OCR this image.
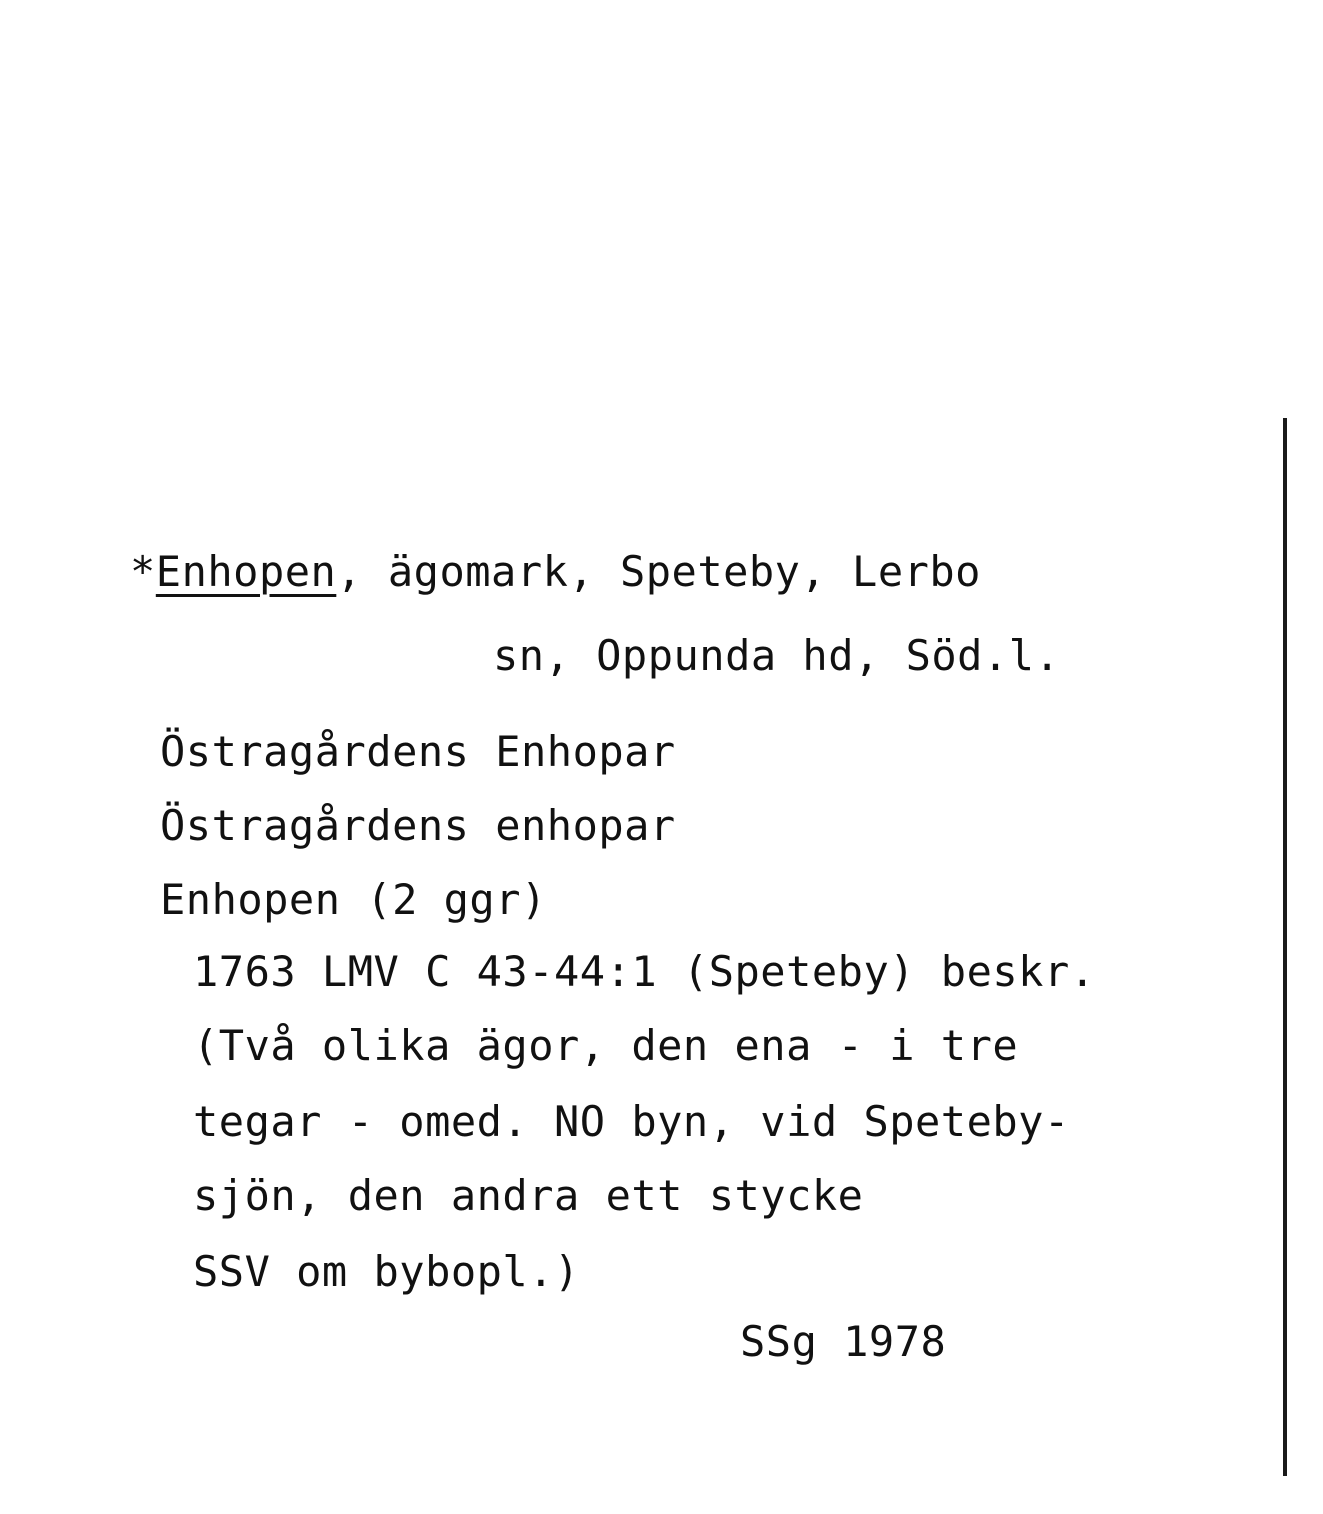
*Enhopen, ägomark, Speteby, Lerbo
sn, Oppunda hd, Söd.l.
Östragårdens Enhopar
Östragårdens enhopar
Enhopen (2 ggr)
1763 LMV C 43-44:1 (Speteby) beskr.
(Två olika ägor, den ena - i tre
tegar - omed. NO byn, vid Speteby-
sjön, den andra ett stycke
SSV om bybopl.)
SSg 1978
